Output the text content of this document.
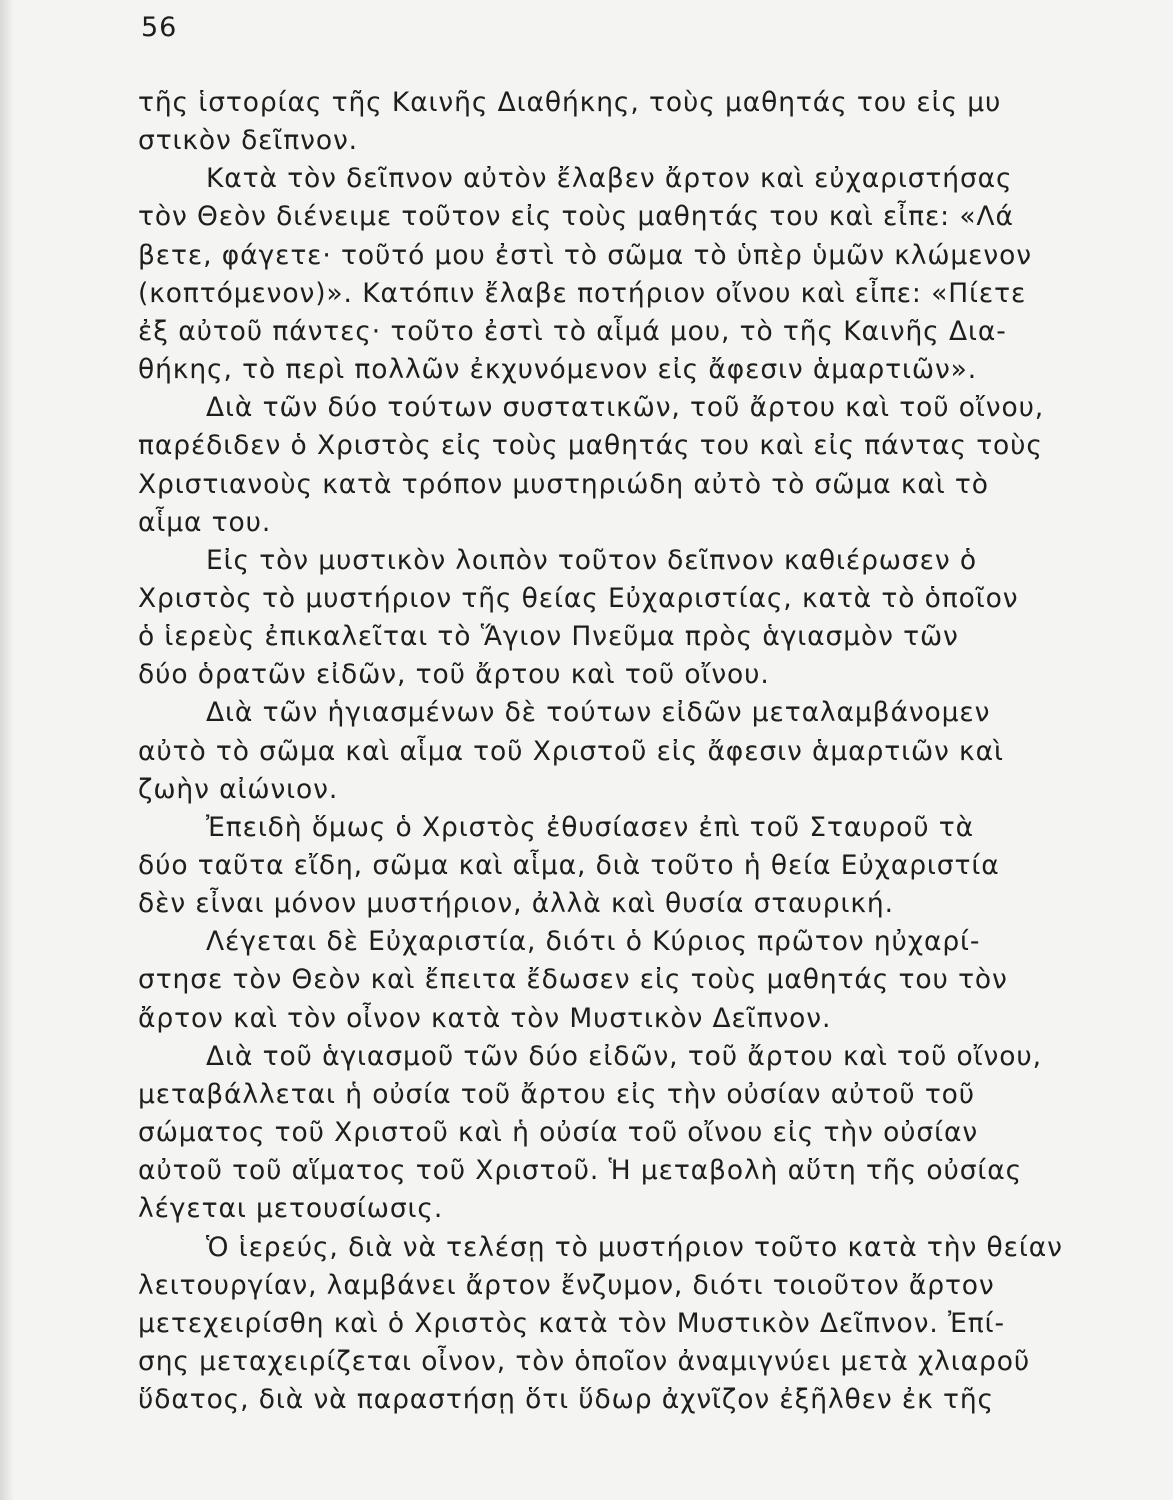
56
τῆς ἱστορίας τῆς Καινῆς Διαθήκης, τοὺς μαθητάς του εἰς μυ
στικὸν δεῖπνον.
Κατὰ τὸν δεῖπνον αὐτὸν ἔλαβεν ἄρτον καὶ εὐχαριστήσας
τὸν Θεὸν διένειμε τοῦτον εἰς τοὺς μαθητάς του καὶ εἶπε: «Λά
βετε, φάγετε· τοῦτό μου ἐστὶ τὸ σῶμα τὸ ὑπὲρ ὑμῶν κλώμενον
(κοπτόμενον)». Κατόπιν ἔλαβε ποτήριον οἴνου καὶ εἶπε: «Πίετε
ἐξ αὐτοῦ πάντες· τοῦτο ἐστὶ τὸ αἷμά μου, τὸ τῆς Καινῆς Δια-
θήκης, τὸ περὶ πολλῶν ἐκχυνόμενον εἰς ἄφεσιν ἁμαρτιῶν».
Διὰ τῶν δύο τούτων συστατικῶν, τοῦ ἄρτου καὶ τοῦ οἴνου,
παρέδιδεν ὁ Χριστὸς εἰς τοὺς μαθητάς του καὶ εἰς πάντας τοὺς
Χριστιανοὺς κατὰ τρόπον μυστηριώδη αὐτὸ τὸ σῶμα καὶ τὸ
αἷμα του.
Εἰς τὸν μυστικὸν λοιπὸν τοῦτον δεῖπνον καθιέρωσεν ὁ
Χριστὸς τὸ μυστήριον τῆς θείας Εὐχαριστίας, κατὰ τὸ ὁποῖον
ὁ ἱερεὺς ἐπικαλεῖται τὸ Ἅγιον Πνεῦμα πρὸς ἁγιασμὸν τῶν
δύο ὁρατῶν εἰδῶν, τοῦ ἄρτου καὶ τοῦ οἴνου.
Διὰ τῶν ἡγιασμένων δὲ τούτων εἰδῶν μεταλαμβάνομεν
αὐτὸ τὸ σῶμα καὶ αἷμα τοῦ Χριστοῦ εἰς ἄφεσιν ἁμαρτιῶν καὶ
ζωὴν αἰώνιον.
Ἐπειδὴ ὅμως ὁ Χριστὸς ἐθυσίασεν ἐπὶ τοῦ Σταυροῦ τὰ
δύο ταῦτα εἴδη, σῶμα καὶ αἷμα, διὰ τοῦτο ἡ θεία Εὐχαριστία
δὲν εἶναι μόνον μυστήριον, ἀλλὰ καὶ θυσία σταυρική.
Λέγεται δὲ Εὐχαριστία, διότι ὁ Κύριος πρῶτον ηὐχαρί-
στησε τὸν Θεὸν καὶ ἔπειτα ἔδωσεν εἰς τοὺς μαθητάς του τὸν
ἄρτον καὶ τὸν οἶνον κατὰ τὸν Μυστικὸν Δεῖπνον.
Διὰ τοῦ ἁγιασμοῦ τῶν δύο εἰδῶν, τοῦ ἄρτου καὶ τοῦ οἴνου,
μεταβάλλεται ἡ οὐσία τοῦ ἄρτου εἰς τὴν οὐσίαν αὐτοῦ τοῦ
σώματος τοῦ Χριστοῦ καὶ ἡ οὐσία τοῦ οἴνου εἰς τὴν οὐσίαν
αὐτοῦ τοῦ αἵματος τοῦ Χριστοῦ. Ἡ μεταβολὴ αὕτη τῆς οὐσίας
λέγεται μετουσίωσις.
Ὁ ἱερεύς, διὰ νὰ τελέσῃ τὸ μυστήριον τοῦτο κατὰ τὴν θείαν
λειτουργίαν, λαμβάνει ἄρτον ἔνζυμον, διότι τοιοῦτον ἄρτον
μετεχειρίσθη καὶ ὁ Χριστὸς κατὰ τὸν Μυστικὸν Δεῖπνον. Ἐπί-
σης μεταχειρίζεται οἶνον, τὸν ὁποῖον ἀναμιγνύει μετὰ χλιαροῦ
ὕδατος, διὰ νὰ παραστήσῃ ὅτι ὕδωρ ἀχνῖζον ἐξῆλθεν ἐκ τῆς
